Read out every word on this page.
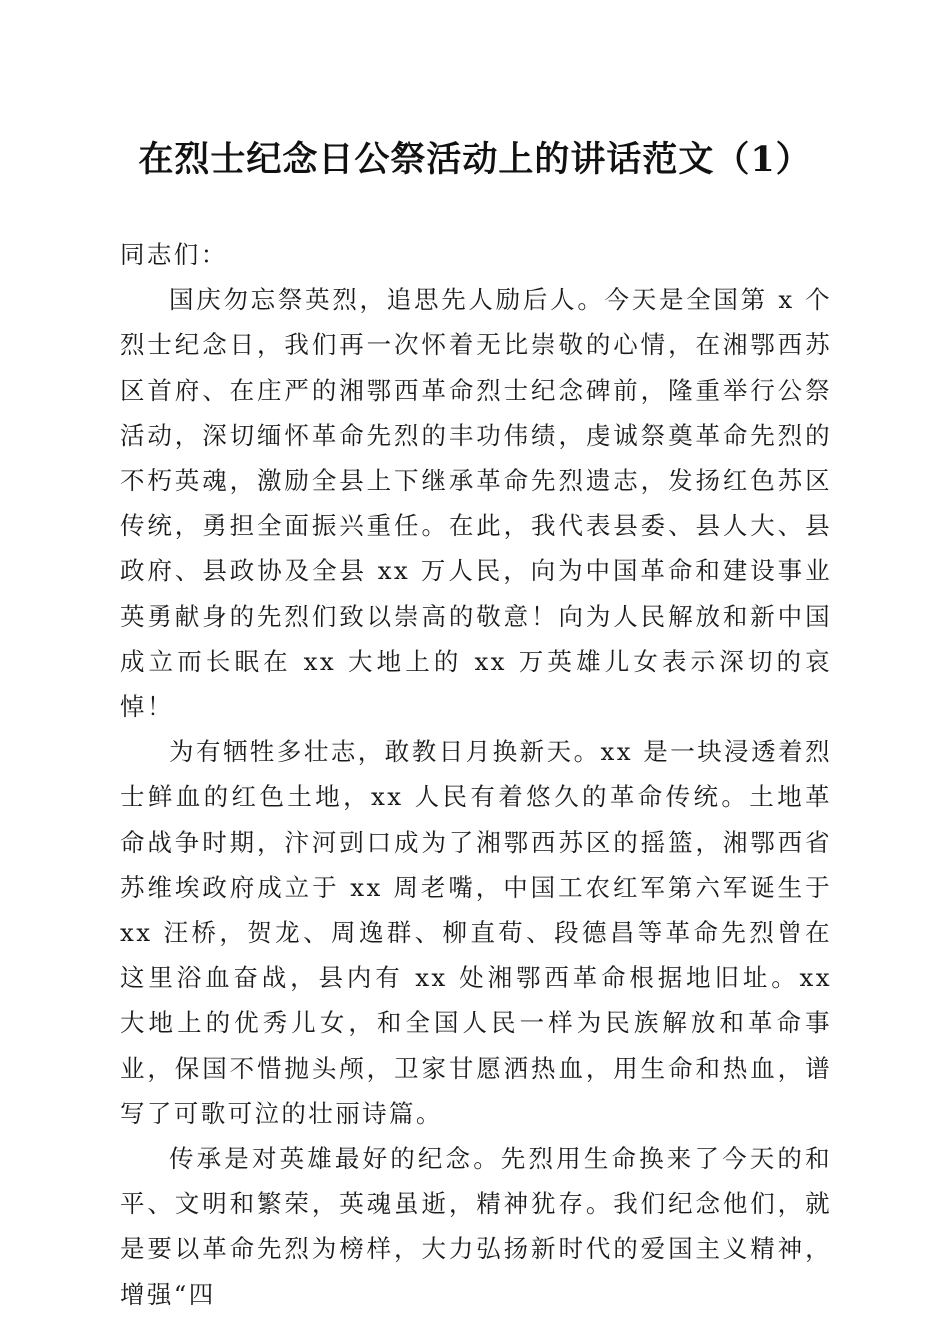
在烈士纪念日公祭活动上的讲话范文（1）

同志们：

国庆勿忘祭英烈，追思先人励后人。今天是全国第 x 个烈士纪念日，我们再一次怀着无比崇敬的心情，在湘鄂西苏区首府、在庄严的湘鄂西革命烈士纪念碑前，隆重举行公祭活动，深切缅怀革命先烈的丰功伟绩，虔诚祭奠革命先烈的不朽英魂，激励全县上下继承革命先烈遗志，发扬红色苏区传统，勇担全面振兴重任。在此，我代表县委、县人大、县政府、县政协及全县 xx 万人民，向为中国革命和建设事业英勇献身的先烈们致以崇高的敬意！向为人民解放和新中国成立而长眠在 xx 大地上的 xx 万英雄儿女表示深切的哀悼！

为有牺牲多壮志，敢教日月换新天。xx 是一块浸透着烈士鲜血的红色土地，xx 人民有着悠久的革命传统。土地革命战争时期，汴河剅口成为了湘鄂西苏区的摇篮，湘鄂西省苏维埃政府成立于 xx 周老嘴，中国工农红军第六军诞生于 xx 汪桥，贺龙、周逸群、柳直荀、段德昌等革命先烈曾在这里浴血奋战，县内有 xx 处湘鄂西革命根据地旧址。xx 大地上的优秀儿女，和全国人民一样为民族解放和革命事业，保国不惜抛头颅，卫家甘愿洒热血，用生命和热血，谱写了可歌可泣的壮丽诗篇。

传承是对英雄最好的纪念。先烈用生命换来了今天的和平、文明和繁荣，英魂虽逝，精神犹存。我们纪念他们，就是要以革命先烈为榜样，大力弘扬新时代的爱国主义精神，增强“四
